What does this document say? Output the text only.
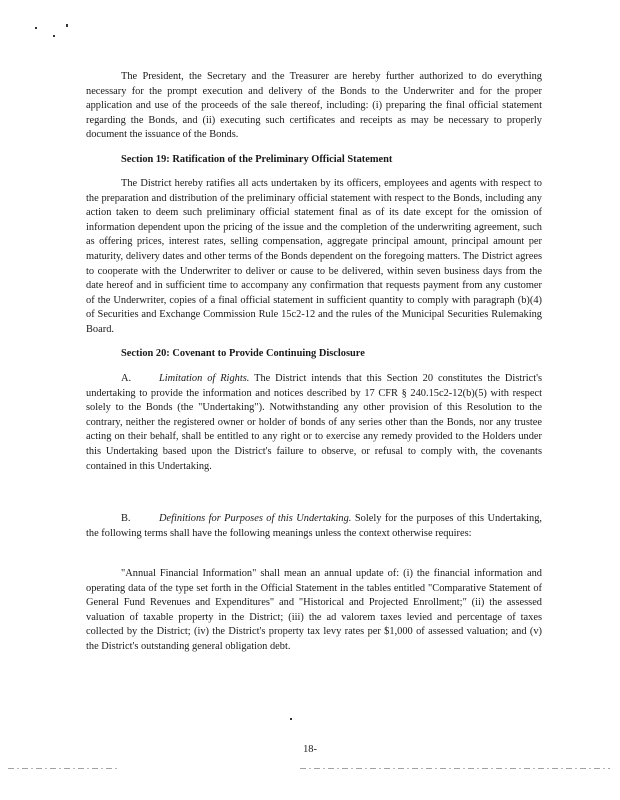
The President, the Secretary and the Treasurer are hereby further authorized to do everything necessary for the prompt execution and delivery of the Bonds to the Underwriter and for the proper application and use of the proceeds of the sale thereof, including: (i) preparing the final official statement regarding the Bonds, and (ii) executing such certificates and receipts as may be necessary to properly document the issuance of the Bonds.

Section 19: Ratification of the Preliminary Official Statement

The District hereby ratifies all acts undertaken by its officers, employees and agents with respect to the preparation and distribution of the preliminary official statement with respect to the Bonds, including any action taken to deem such preliminary official statement final as of its date except for the omission of information dependent upon the pricing of the issue and the completion of the underwriting agreement, such as offering prices, interest rates, selling compensation, aggregate principal amount, principal amount per maturity, delivery dates and other terms of the Bonds dependent on the foregoing matters. The District agrees to cooperate with the Underwriter to deliver or cause to be delivered, within seven business days from the date hereof and in sufficient time to accompany any confirmation that requests payment from any customer of the Underwriter, copies of a final official statement in sufficient quantity to comply with paragraph (b)(4) of Securities and Exchange Commission Rule 15c2-12 and the rules of the Municipal Securities Rulemaking Board.

Section 20: Covenant to Provide Continuing Disclosure

A.	Limitation of Rights. The District intends that this Section 20 constitutes the District's undertaking to provide the information and notices described by 17 CFR § 240.15c2-12(b)(5) with respect solely to the Bonds (the "Undertaking"). Notwithstanding any other provision of this Resolution to the contrary, neither the registered owner or holder of bonds of any series other than the Bonds, nor any trustee acting on their behalf, shall be entitled to any right or to exercise any remedy provided to the Holders under this Undertaking based upon the District's failure to observe, or refusal to comply with, the covenants contained in this Undertaking.

B.	Definitions for Purposes of this Undertaking. Solely for the purposes of this Undertaking, the following terms shall have the following meanings unless the context otherwise requires:

"Annual Financial Information" shall mean an annual update of: (i) the financial information and operating data of the type set forth in the Official Statement in the tables entitled "Comparative Statement of General Fund Revenues and Expenditures" and "Historical and Projected Enrollment;" (ii) the assessed valuation of taxable property in the District; (iii) the ad valorem taxes levied and percentage of taxes collected by the District; (iv) the District's property tax levy rates per $1,000 of assessed valuation; and (v) the District's outstanding general obligation debt.

18-
